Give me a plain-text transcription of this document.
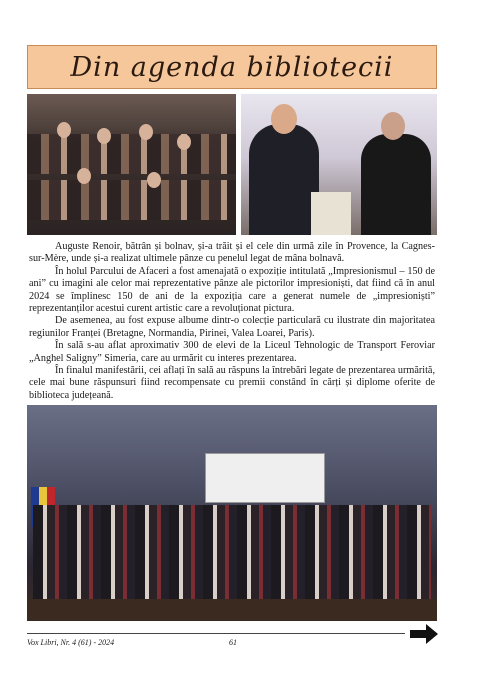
Din agenda bibliotecii

Auguste Renoir, bătrân și bolnav, și-a trăit și el cele din urmă zile în Provence, la Cagnes-sur-Mère, unde și-a realizat ultimele pânze cu penelul legat de mâna bolnavă.

În holul Parcului de Afaceri a fost amenajată o expoziție intitulată „Impresionismul – 150 de ani” cu imagini ale celor mai reprezentative pânze ale pictorilor impresioniști, dat fiind că în anul 2024 se împlinesc 150 de ani de la expoziția care a generat numele de „impresioniști” reprezentanților acestui curent artistic care a revoluționat pictura.

De asemenea, au fost expuse albume dintr-o colecție particulară cu ilustrate din majoritatea regiunilor Franței (Bretagne, Normandia, Pirinei, Valea Loarei, Paris).

În sală s-au aflat aproximativ 300 de elevi de la Liceul Tehnologic de Transport Feroviar „Anghel Saligny” Simeria, care au urmărit cu interes prezentarea.

În finalul manifestării, cei aflați în sală au răspuns la întrebări legate de prezentarea urmărită, cele mai bune răspunsuri fiind recompensate cu premii constând în cărți și diplome oferite de biblioteca județeană.

Vox Libri, Nr. 4 (61) - 2024	61
